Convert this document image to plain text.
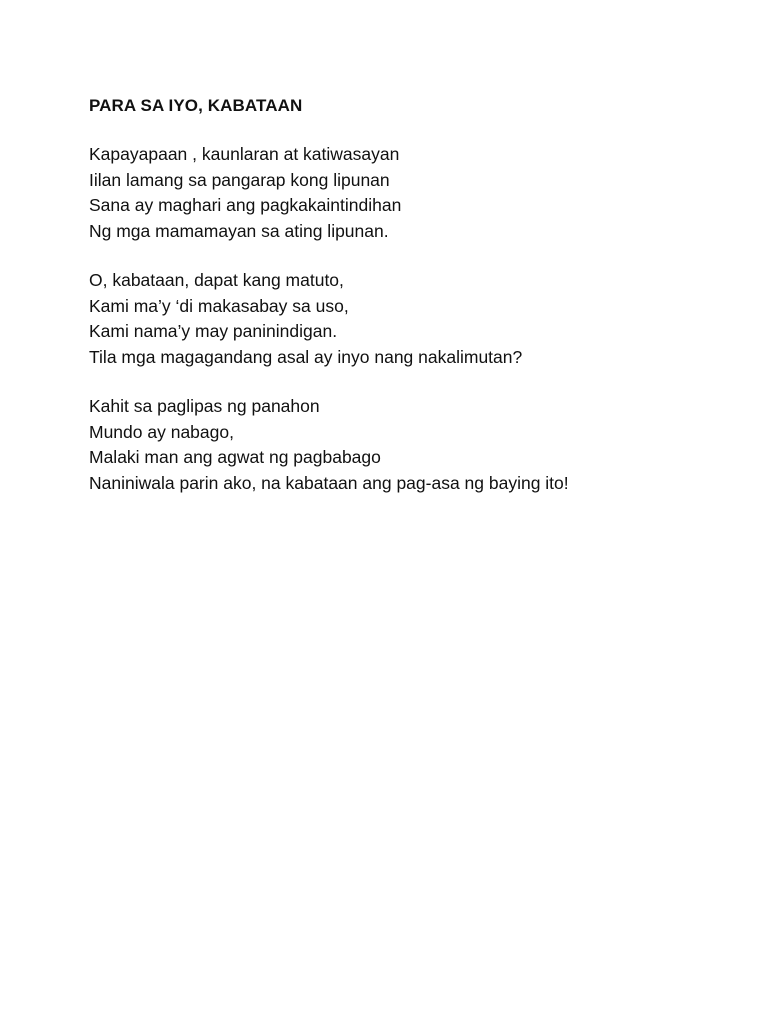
PARA SA IYO, KABATAAN
Kapayapaan , kaunlaran at katiwasayan
Iilan lamang sa pangarap kong lipunan
Sana ay maghari ang pagkakaintindihan
Ng mga mamamayan sa ating lipunan.
O, kabataan, dapat kang matuto,
Kami ma’y ‘di makasabay sa uso,
Kami nama’y may paninindigan.
Tila mga magagandang asal ay inyo nang nakalimutan?
Kahit sa paglipas ng panahon
Mundo ay nabago,
Malaki man ang agwat ng pagbabago
Naniniwala parin ako, na kabataan ang pag-asa ng baying ito!
